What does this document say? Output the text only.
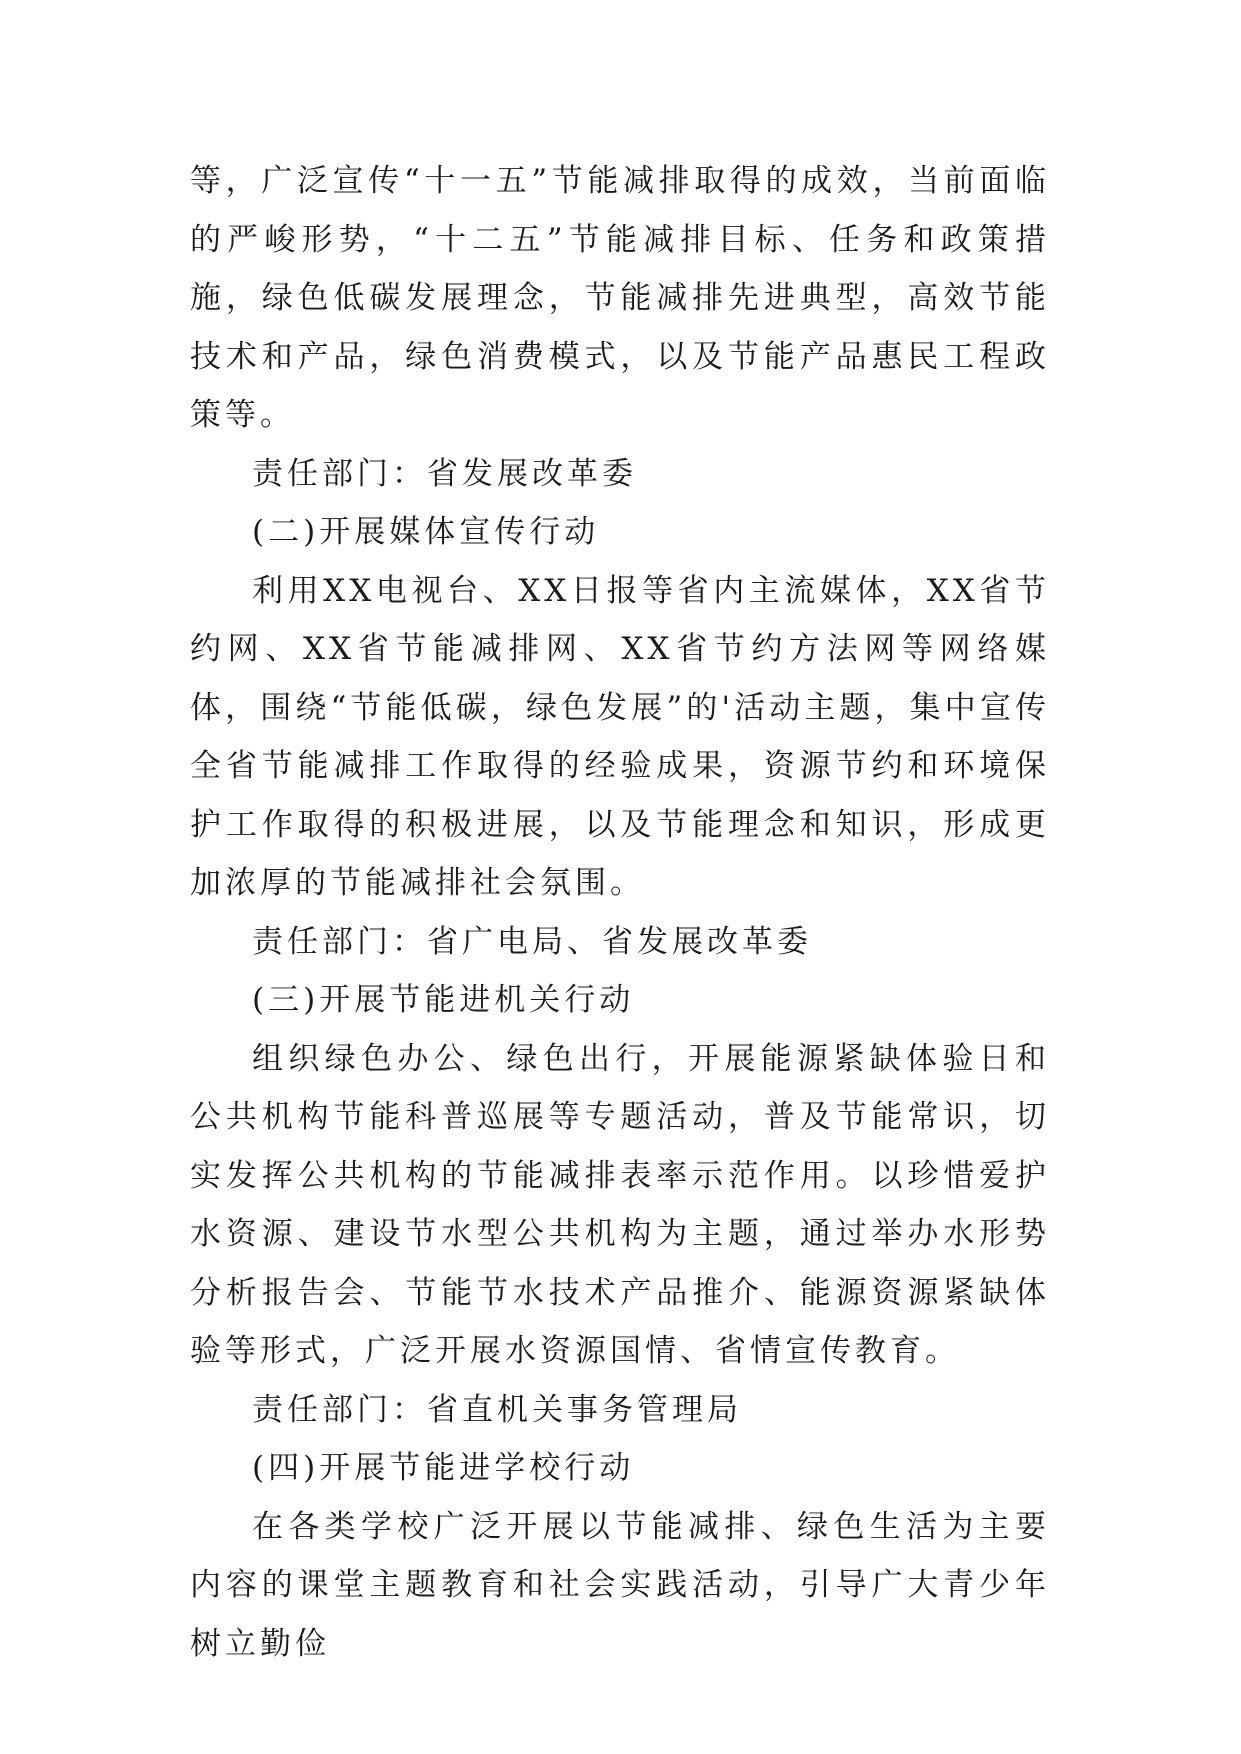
等，广泛宣传“十一五”节能减排取得的成效，当前面临的严峻形势，“十二五”节能减排目标、任务和政策措施，绿色低碳发展理念，节能减排先进典型，高效节能技术和产品，绿色消费模式，以及节能产品惠民工程政策等。

责任部门：省发展改革委

(二)开展媒体宣传行动

利用XX电视台、XX日报等省内主流媒体，XX省节约网、XX省节能减排网、XX省节约方法网等网络媒体，围绕“节能低碳，绿色发展”的'活动主题，集中宣传全省节能减排工作取得的经验成果，资源节约和环境保护工作取得的积极进展，以及节能理念和知识，形成更加浓厚的节能减排社会氛围。

责任部门：省广电局、省发展改革委

(三)开展节能进机关行动

组织绿色办公、绿色出行，开展能源紧缺体验日和公共机构节能科普巡展等专题活动，普及节能常识，切实发挥公共机构的节能减排表率示范作用。以珍惜爱护水资源、建设节水型公共机构为主题，通过举办水形势分析报告会、节能节水技术产品推介、能源资源紧缺体验等形式，广泛开展水资源国情、省情宣传教育。

责任部门：省直机关事务管理局

(四)开展节能进学校行动

在各类学校广泛开展以节能减排、绿色生活为主要内容的课堂主题教育和社会实践活动，引导广大青少年树立勤俭
